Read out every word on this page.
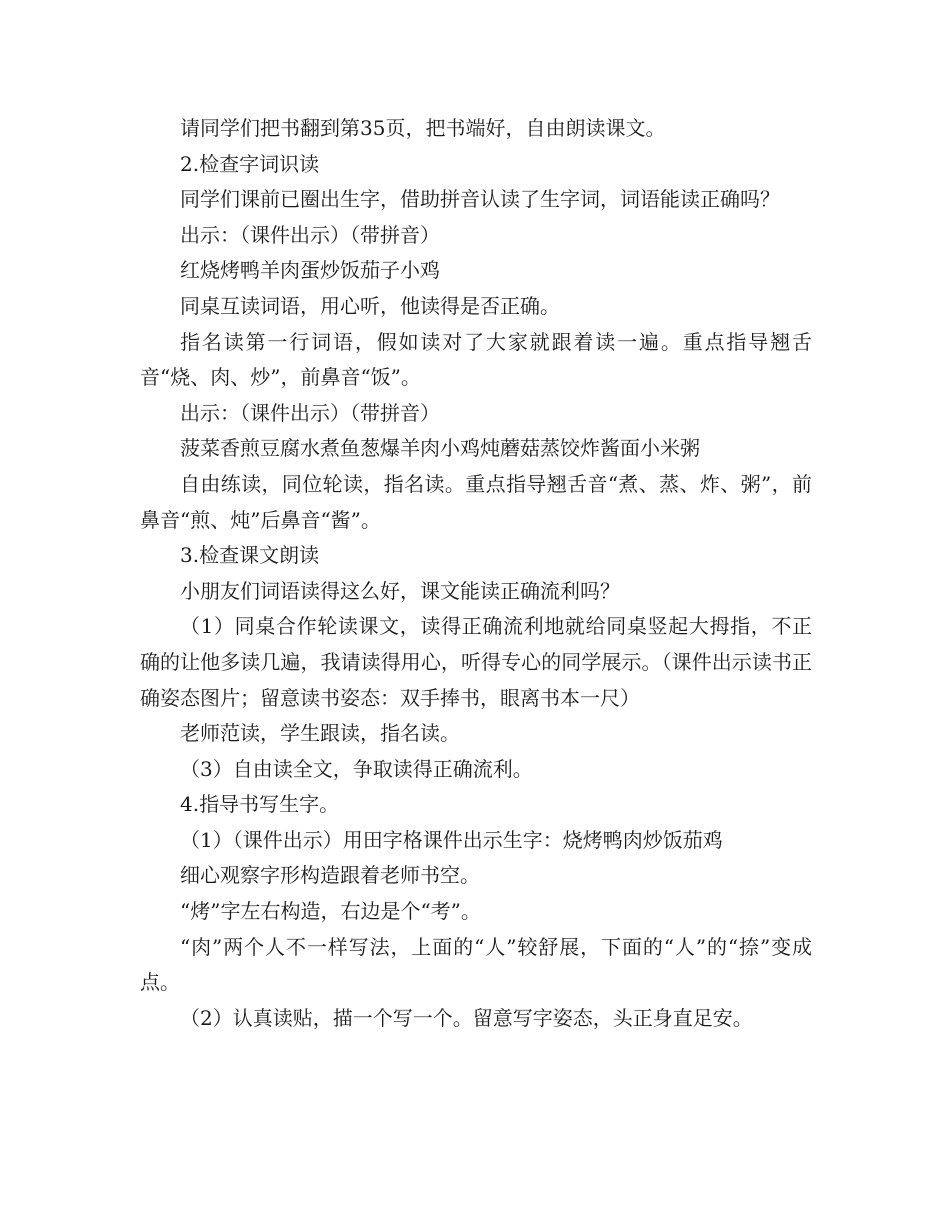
请同学们把书翻到第35页，把书端好，自由朗读课文。

2.检查字词识读

同学们课前已圈出生字，借助拼音认读了生字词，词语能读正确吗？

出示：（课件出示）（带拼音）

红烧烤鸭羊肉蛋炒饭茄子小鸡

同桌互读词语，用心听，他读得是否正确。

指名读第一行词语，假如读对了大家就跟着读一遍。重点指导翘舌音“烧、肉、炒”，前鼻音“饭”。

出示：（课件出示）（带拼音）

菠菜香煎豆腐水煮鱼葱爆羊肉小鸡炖蘑菇蒸饺炸酱面小米粥

自由练读，同位轮读，指名读。重点指导翘舌音“煮、蒸、炸、粥”，前鼻音“煎、炖”后鼻音“酱”。

3.检查课文朗读

小朋友们词语读得这么好，课文能读正确流利吗？

（1）同桌合作轮读课文，读得正确流利地就给同桌竖起大拇指，不正确的让他多读几遍，我请读得用心，听得专心的同学展示。（课件出示读书正确姿态图片；留意读书姿态：双手捧书，眼离书本一尺）

老师范读，学生跟读，指名读。

（3）自由读全文，争取读得正确流利。

4.指导书写生字。

（1）（课件出示）用田字格课件出示生字：烧烤鸭肉炒饭茄鸡

细心观察字形构造跟着老师书空。

“烤”字左右构造，右边是个“考”。

“肉”两个人不一样写法，上面的“人”较舒展，下面的“人”的“捺”变成点。

（2）认真读贴，描一个写一个。留意写字姿态，头正身直足安。
